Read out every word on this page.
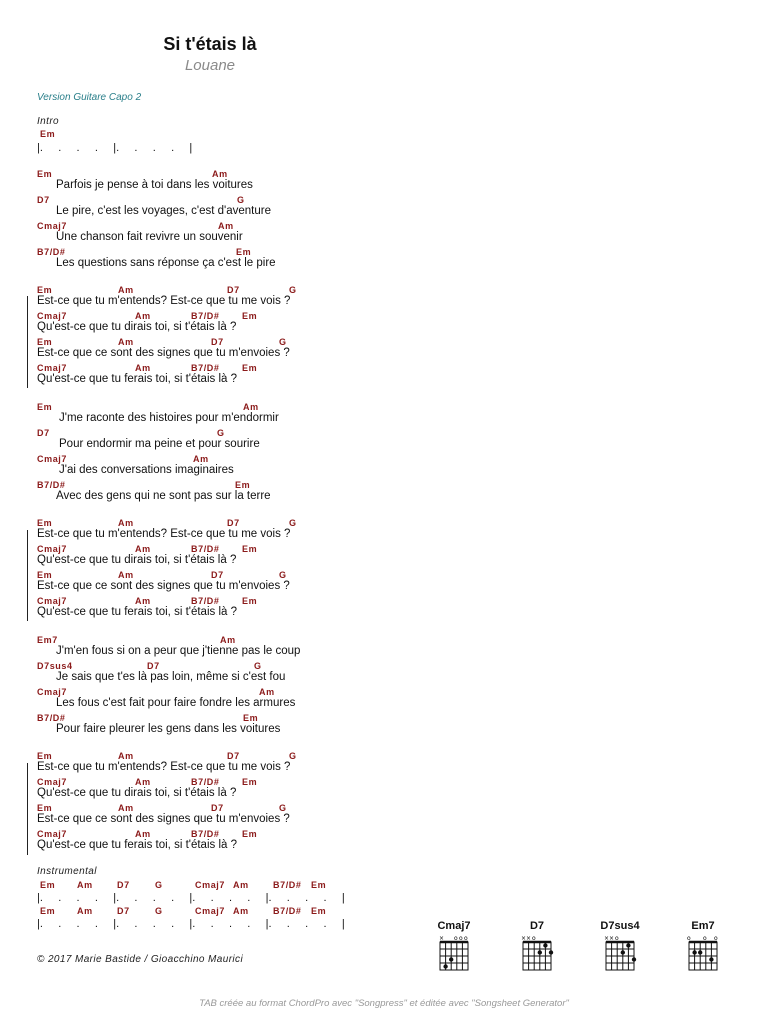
Si t'étais là
Louane
Version Guitare Capo 2
Intro
Em
|.     .     .     .     |.     .     .     .     |
Em	Am
Parfois je pense à toi dans les voitures
D7	G
Le pire, c'est les voyages, c'est d'aventure
Cmaj7	Am
Une chanson fait revivre un souvenir
B7/D#	Em
Les questions sans réponse ça c'est le pire
Em	Am	D7	G
Est-ce que tu m'entends? Est-ce que tu me vois ?
Cmaj7	Am	B7/D# Em
Qu'est-ce que tu dirais toi, si t'étais là ?
Em	Am	D7	G
Est-ce que ce sont des signes que tu m'envoies ?
Cmaj7	Am	B7/D# Em
Qu'est-ce que tu ferais toi, si t'étais là ?
Em	Am
J'me raconte des histoires pour m'endormir
D7	G
Pour endormir ma peine et pour sourire
Cmaj7	Am
J'ai des conversations imaginaires
B7/D#	Em
Avec des gens qui ne sont pas sur la terre
Em	Am	D7	G
Est-ce que tu m'entends? Est-ce que tu me vois ?
Cmaj7	Am	B7/D# Em
Qu'est-ce que tu dirais toi, si t'étais là ?
Em	Am	D7	G
Est-ce que ce sont des signes que tu m'envoies ?
Cmaj7	Am	B7/D# Em
Qu'est-ce que tu ferais toi, si t'étais là ?
Em7	Am
J'm'en fous si on a peur que j'tienne pas le coup
D7sus4	D7	G
Je sais que t'es là pas loin, même si c'est fou
Cmaj7	Am
Les fous c'est fait pour faire fondre les armures
B7/D#	Em
Pour faire pleurer les gens dans les voitures
Em	Am	D7	G
Est-ce que tu m'entends? Est-ce que tu me vois ?
Cmaj7	Am	B7/D# Em
Qu'est-ce que tu dirais toi, si t'étais là ?
Em	Am	D7	G
Est-ce que ce sont des signes que tu m'envoies ?
Cmaj7	Am	B7/D# Em
Qu'est-ce que tu ferais toi, si t'étais là ?
Instrumental
Em Am	D7	G	Cmaj7 Am	B7/D# Em
|.     .     .     .     |.     .     .     .     |.     .     .     .     |.     .     .     .     |
Em Am	D7	G	Cmaj7 Am	B7/D# Em
|.     .     .     .     |.     .     .     .     |.     .     .     .     |.     .     .     .     |
© 2017 Marie Bastide / Gioacchino Maurici
Cmaj7
× o o o
D7
× × o
D7sus4
× × o
Em7
o o o
TAB créée au format ChordPro avec "Songpress" et éditée avec "Songsheet Generator"
